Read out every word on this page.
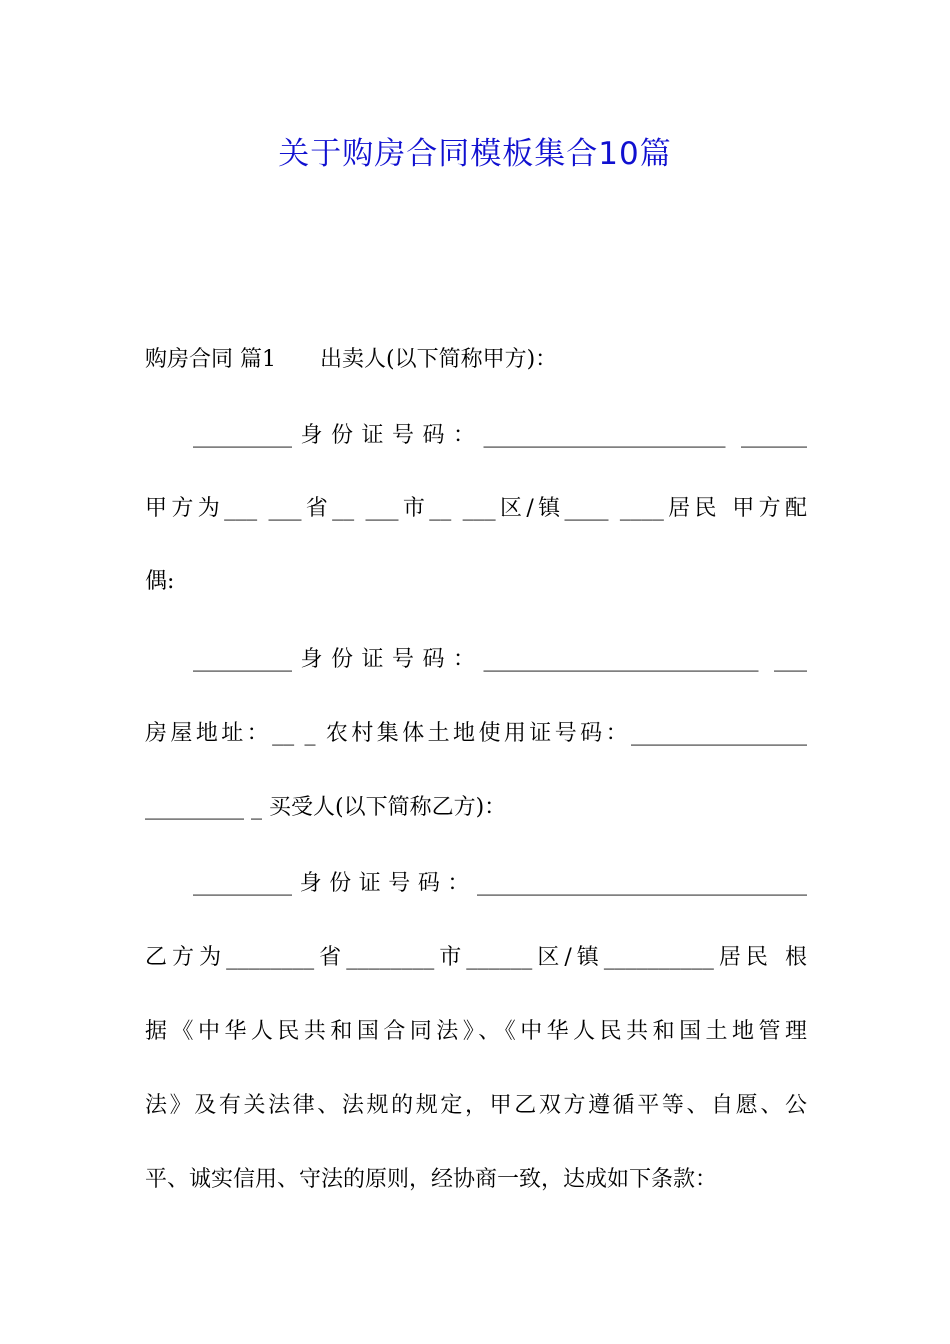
关于购房合同模板集合10篇
购房合同 篇1　　出卖人(以下简称甲方)：
_________身份证号码：______________________ ______
甲方为___ ___省__ ___市__ ___区/镇____ ____居民 甲方配
偶:
_________身份证号码：_________________________ ___
房屋地址：__ _ 农村集体土地使用证号码：________________
_________ _ 买受人(以下简称乙方)：
_________身份证号码：______________________________
乙方为________省________市______区/镇__________居民 根
据《中华人民共和国合同法》、《中华人民共和国土地管理
法》及有关法律、法规的规定，甲乙双方遵循平等、自愿、公
平、诚实信用、守法的原则，经协商一致，达成如下条款：
